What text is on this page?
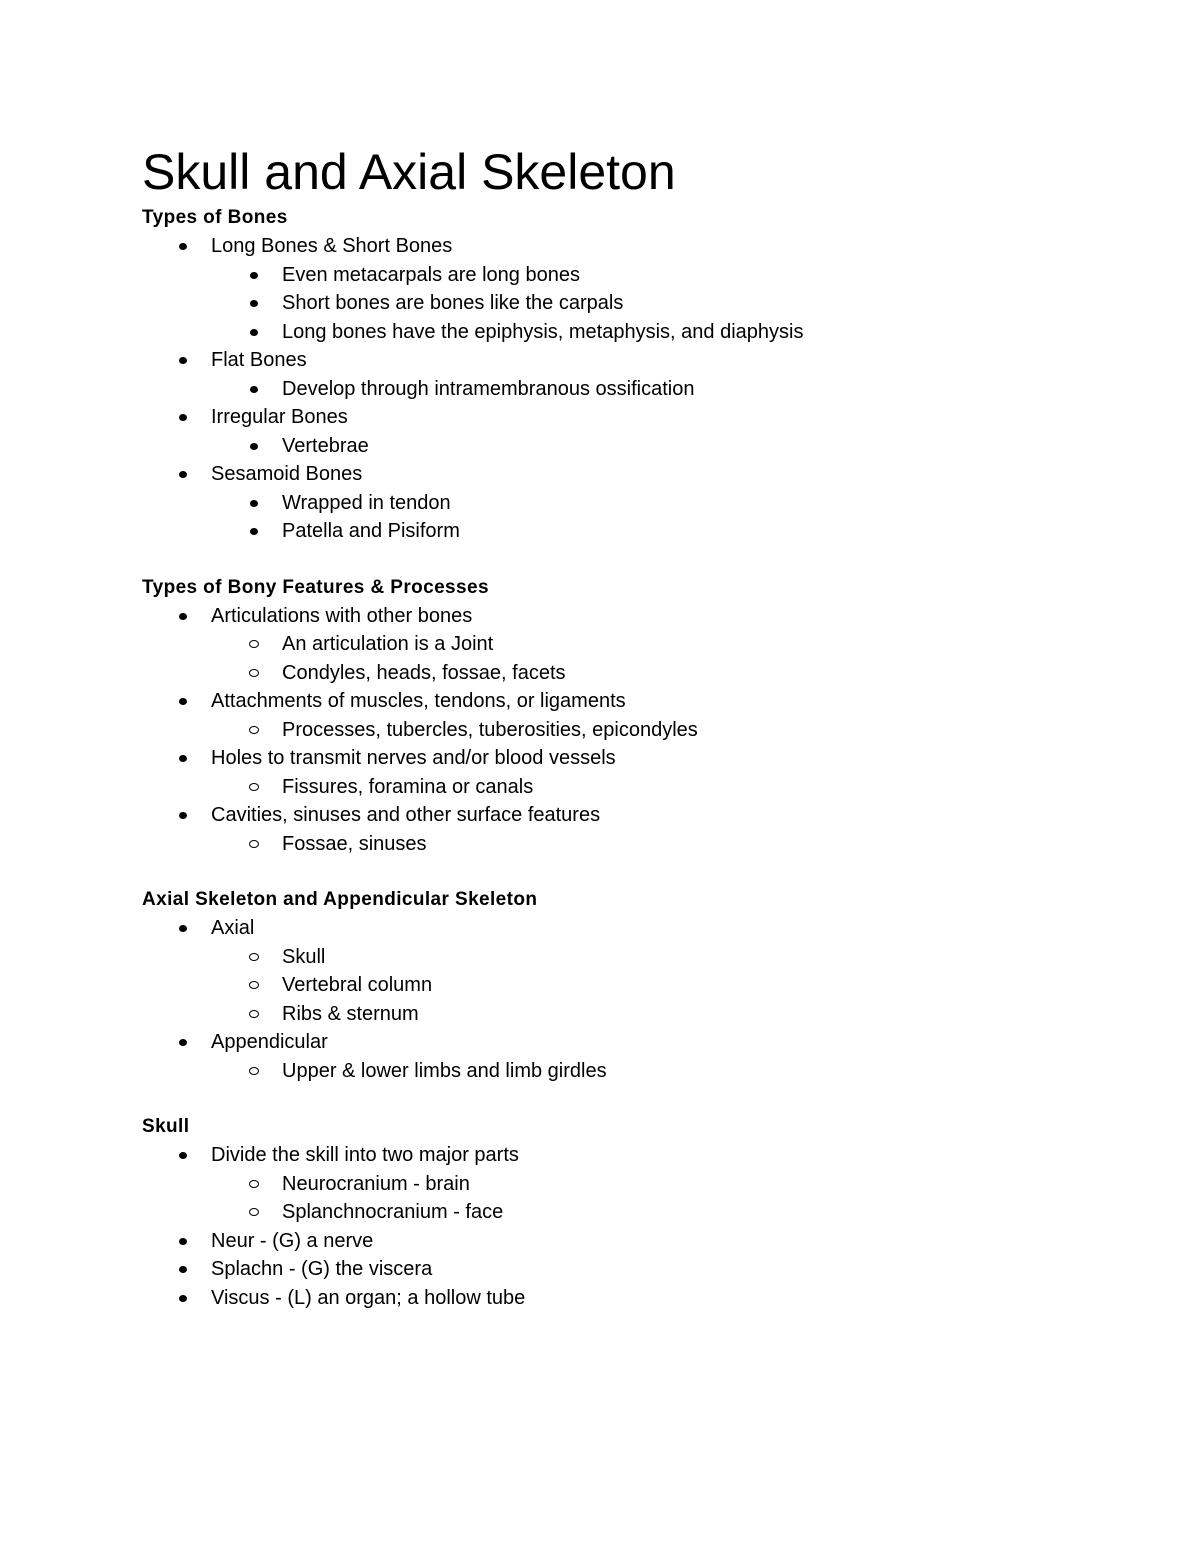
Skull and Axial Skeleton
Types of Bones
Long Bones & Short Bones
Even metacarpals are long bones
Short bones are bones like the carpals
Long bones have the epiphysis, metaphysis, and diaphysis
Flat Bones
Develop through intramembranous ossification
Irregular Bones
Vertebrae
Sesamoid Bones
Wrapped in tendon
Patella and Pisiform
Types of Bony Features & Processes
Articulations with other bones
An articulation is a Joint
Condyles, heads, fossae, facets
Attachments of muscles, tendons, or ligaments
Processes, tubercles, tuberosities, epicondyles
Holes to transmit nerves and/or blood vessels
Fissures, foramina or canals
Cavities, sinuses and other surface features
Fossae, sinuses
Axial Skeleton and Appendicular Skeleton
Axial
Skull
Vertebral column
Ribs & sternum
Appendicular
Upper & lower limbs and limb girdles
Skull
Divide the skill into two major parts
Neurocranium - brain
Splanchnocranium - face
Neur - (G) a nerve
Splachn - (G) the viscera
Viscus - (L) an organ; a hollow tube
